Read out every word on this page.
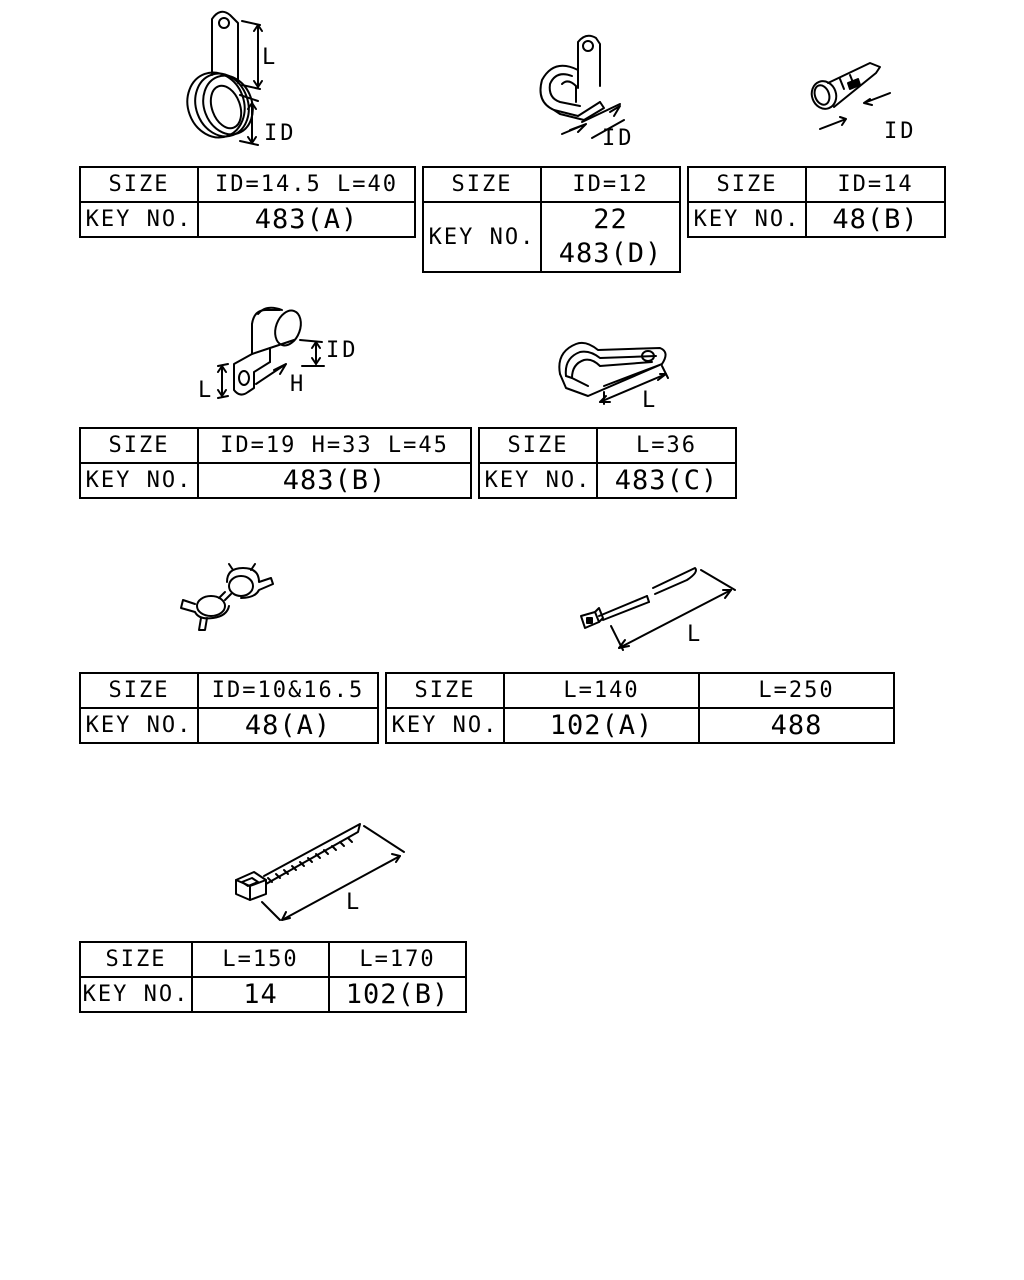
L
ID	ID	ID
ID
H
L	L
L
L
SIZE	ID=14.5 L=40
KEY NO.	483(A)
SIZE	ID=12
KEY NO.	22
483(D)
SIZE	ID=14
KEY NO.	48(B)
SIZE	ID=19 H=33 L=45
KEY NO.	483(B)
SIZE	L=36
KEY NO.	483(C)
SIZE	ID=10&16.5
KEY NO.	48(A)
SIZE	L=140	L=250
KEY NO.	102(A)	488
SIZE	L=150	L=170
KEY NO.	14	102(B)
